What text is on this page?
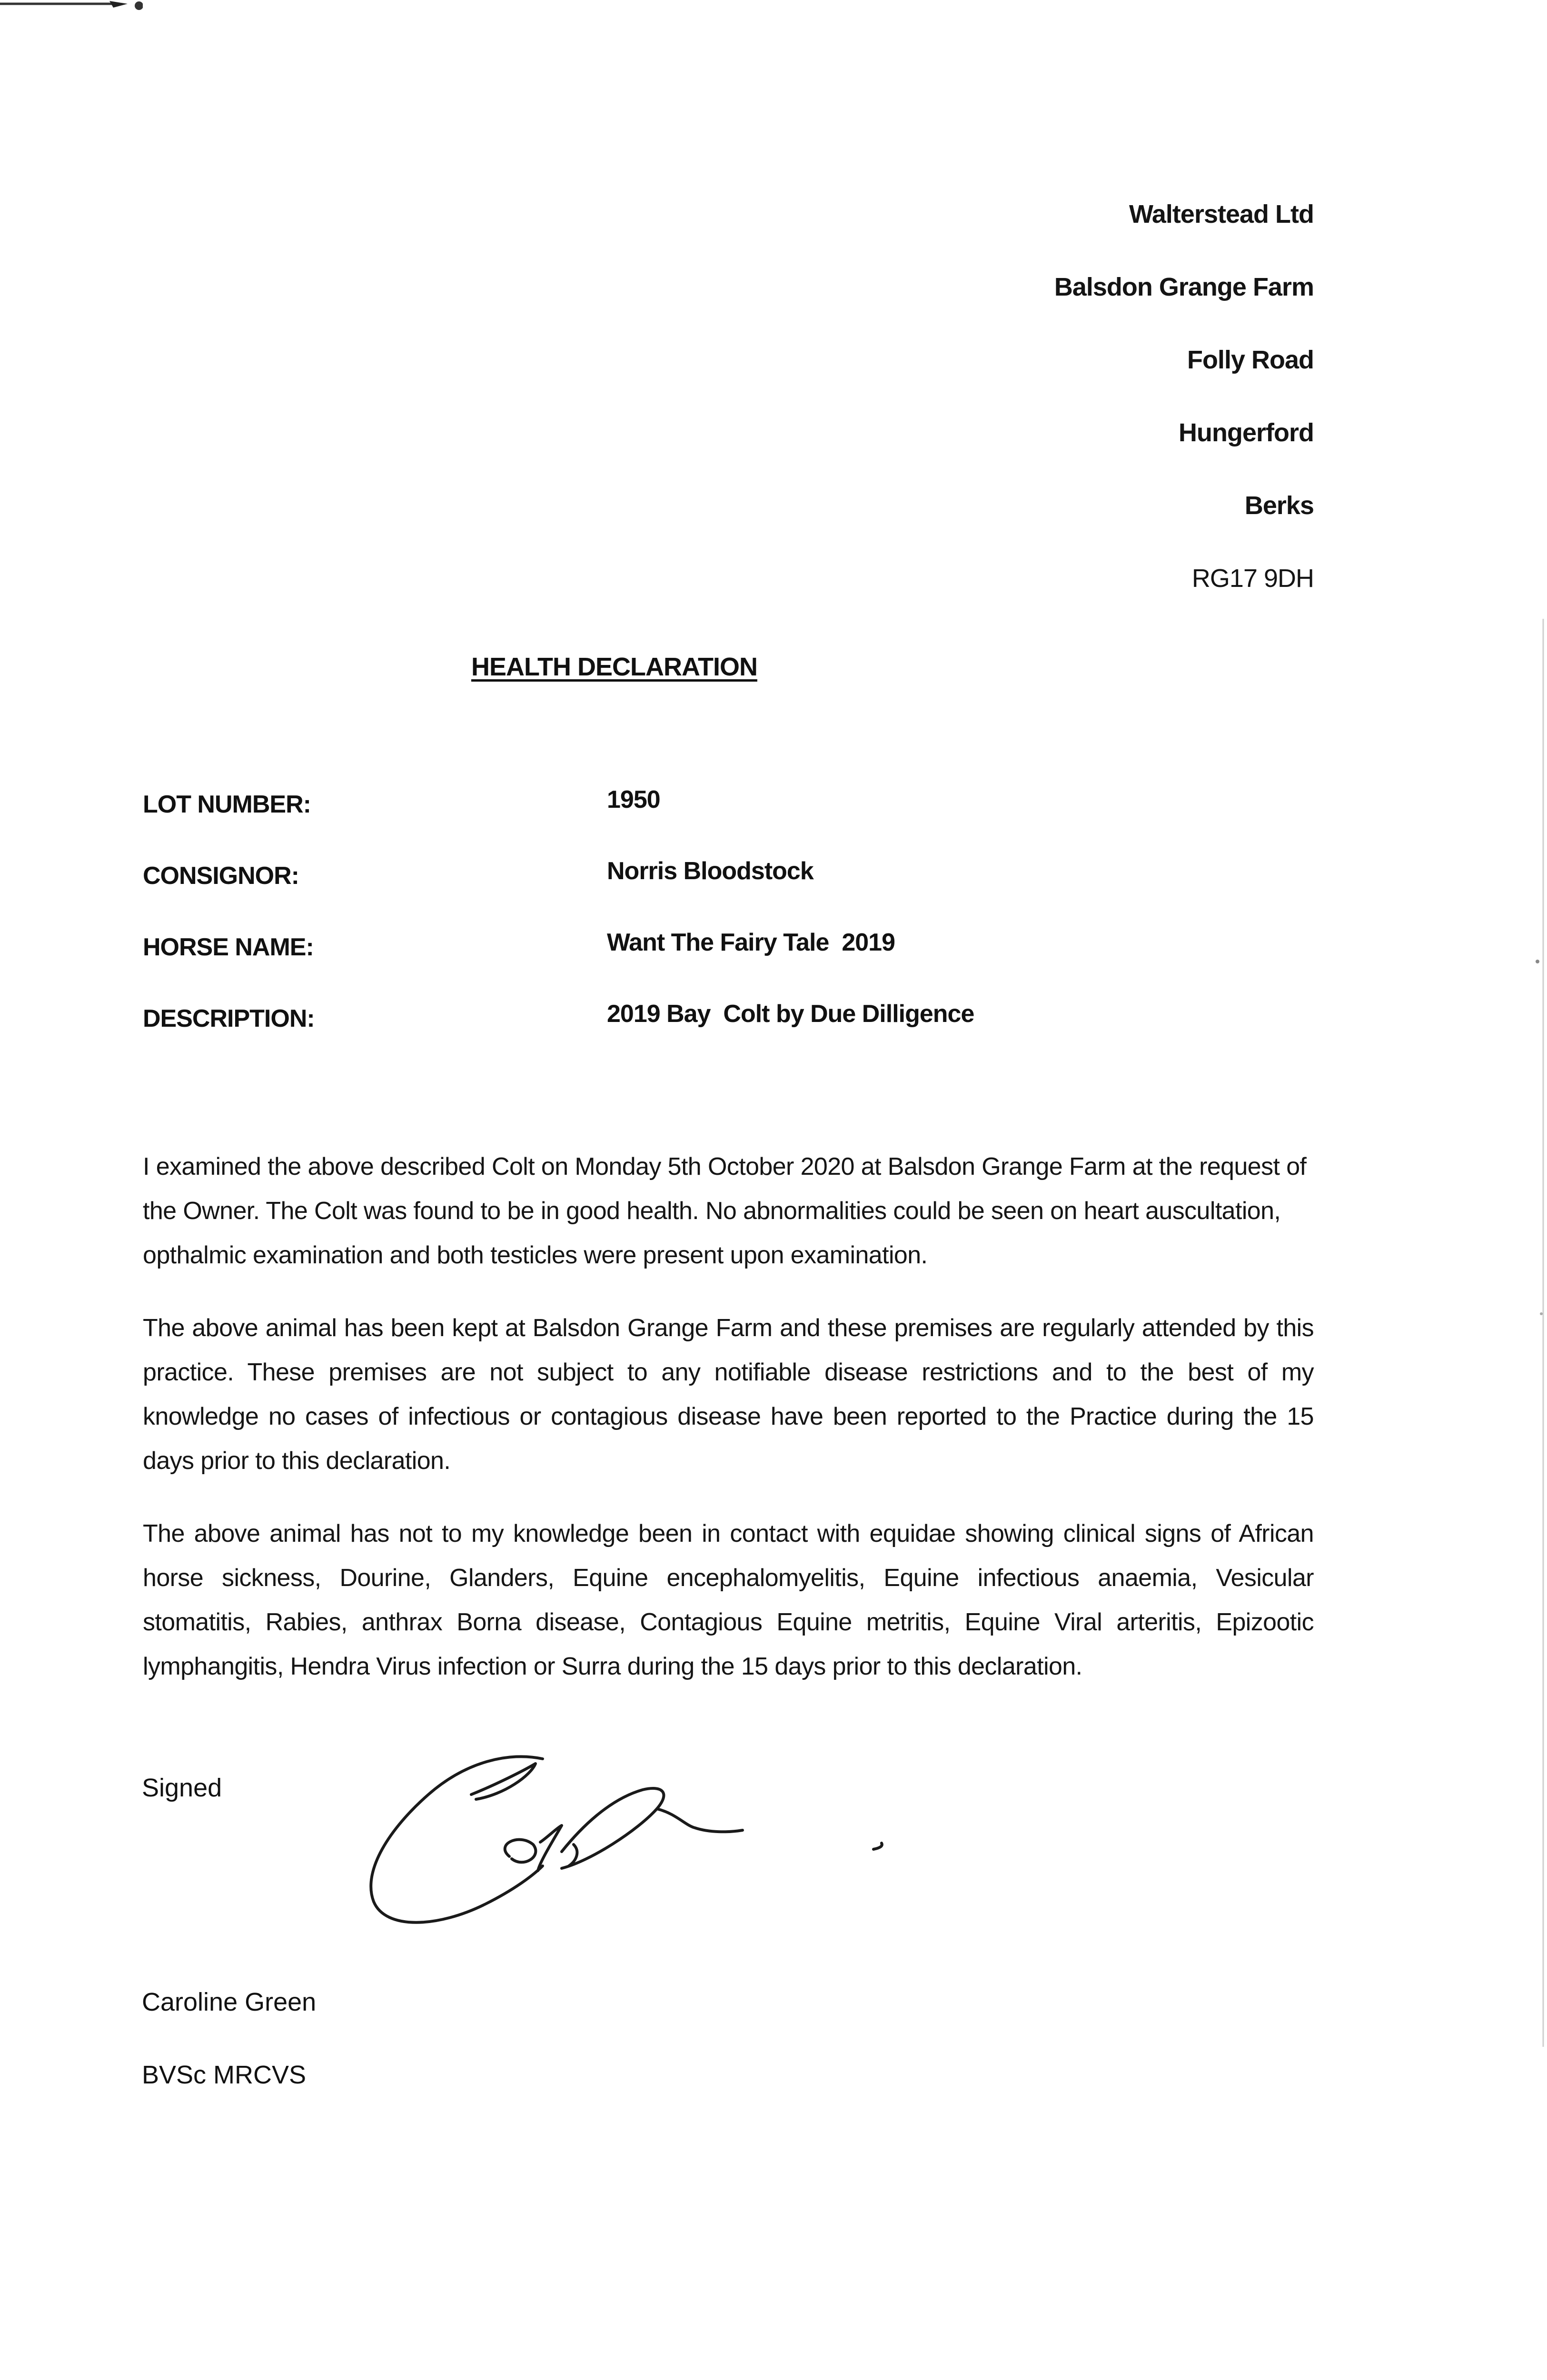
Walterstead Ltd
Balsdon Grange Farm
Folly Road
Hungerford
Berks
RG17 9DH
HEALTH DECLARATION
LOT NUMBER:	1950
CONSIGNOR:	Norris Bloodstock
HORSE NAME:	Want The Fairy Tale  2019
DESCRIPTION:	2019 Bay  Colt by Due Dilligence

I examined the above described Colt on Monday 5th October 2020 at Balsdon Grange Farm at the request of the Owner. The Colt was found to be in good health. No abnormalities could be seen on heart auscultation, opthalmic examination and both testicles were present upon examination.

The above animal has been kept at Balsdon Grange Farm and these premises are regularly attended by this practice. These premises are not subject to any notifiable disease restrictions and to the best of my knowledge no cases of infectious or contagious disease have been reported to the Practice during the 15 days prior to this declaration.

The above animal has not to my knowledge been in contact with equidae showing clinical signs of African horse sickness, Dourine, Glanders, Equine encephalomyelitis, Equine infectious anaemia, Vesicular stomatitis, Rabies, anthrax Borna disease, Contagious Equine metritis, Equine Viral arteritis, Epizootic lymphangitis, Hendra Virus infection or Surra during the 15 days prior to this declaration.

Signed
Caroline Green
BVSc MRCVS
